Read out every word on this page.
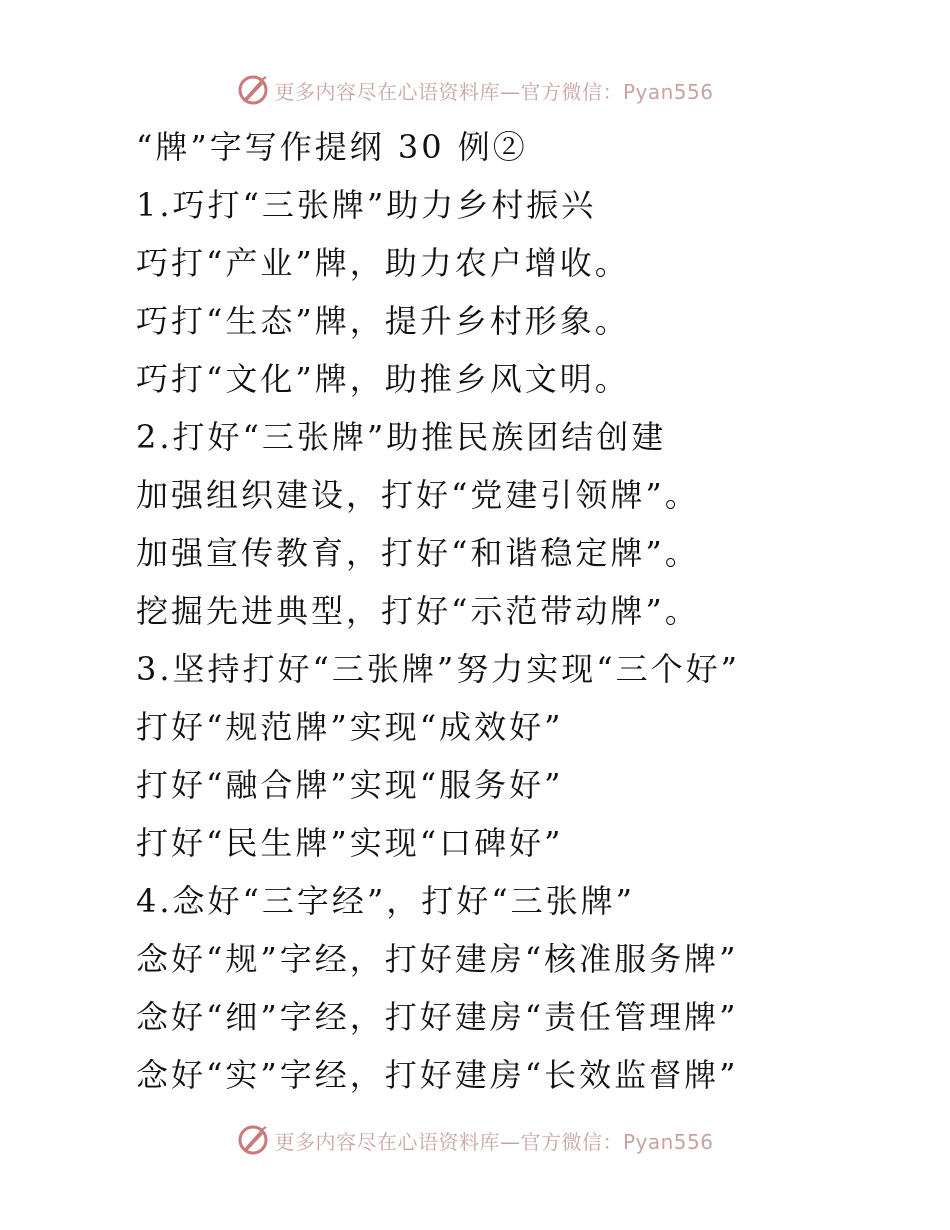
更多内容尽在心语资料库—官方微信：Pyan556
“牌”字写作提纲 30 例②
1.巧打“三张牌”助力乡村振兴
巧打“产业”牌，助力农户增收。
巧打“生态”牌，提升乡村形象。
巧打“文化”牌，助推乡风文明。
2.打好“三张牌”助推民族团结创建
加强组织建设，打好“党建引领牌”。
加强宣传教育，打好“和谐稳定牌”。
挖掘先进典型，打好“示范带动牌”。
3.坚持打好“三张牌”努力实现“三个好”
打好“规范牌”实现“成效好”
打好“融合牌”实现“服务好”
打好“民生牌”实现“口碑好”
4.念好“三字经”，打好“三张牌”
念好“规”字经，打好建房“核准服务牌”
念好“细”字经，打好建房“责任管理牌”
念好“实”字经，打好建房“长效监督牌”
更多内容尽在心语资料库—官方微信：Pyan556
